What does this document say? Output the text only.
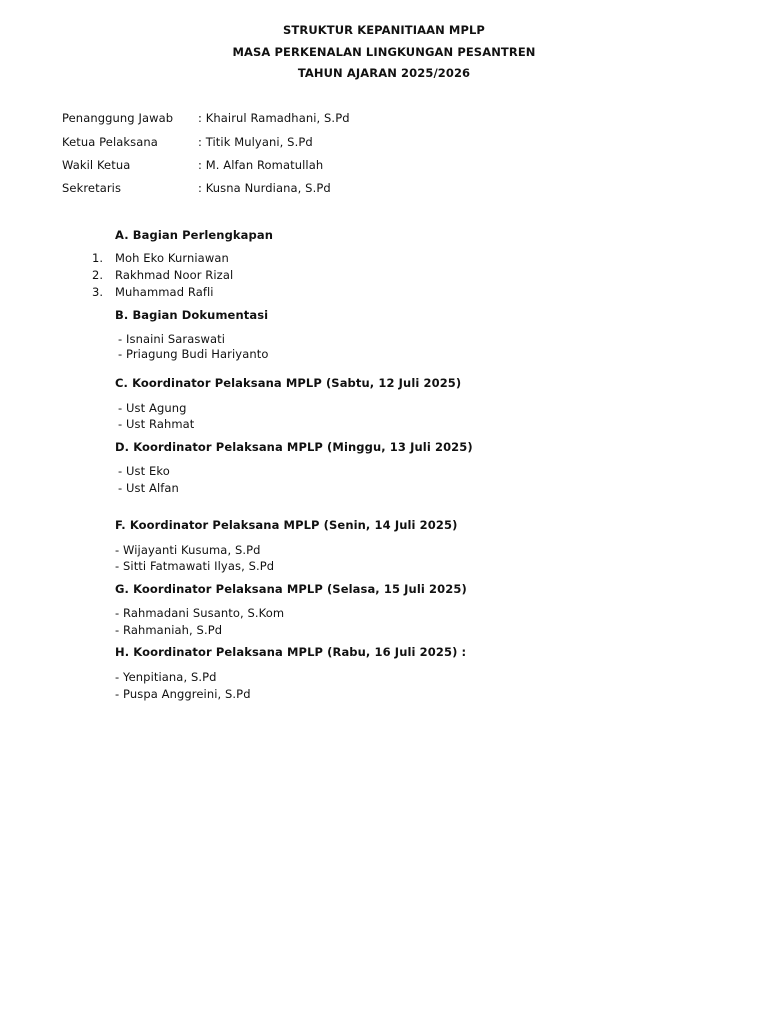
STRUKTUR KEPANITIAAN MPLP
MASA PERKENALAN LINGKUNGAN PESANTREN
TAHUN AJARAN 2025/2026
Penanggung Jawab : Khairul Ramadhani, S.Pd
Ketua Pelaksana	: Titik Mulyani, S.Pd
Wakil Ketua	: M. Alfan Romatullah
Sekretaris	: Kusna Nurdiana, S.Pd
A. Bagian Perlengkapan
1. Moh Eko Kurniawan
2. Rakhmad Noor Rizal
3. Muhammad Rafli
B. Bagian Dokumentasi
- Isnaini Saraswati
- Priagung Budi Hariyanto
C. Koordinator Pelaksana MPLP (Sabtu, 12 Juli 2025)
- Ust Agung
- Ust Rahmat
D. Koordinator Pelaksana MPLP (Minggu, 13 Juli 2025)
- Ust Eko
- Ust Alfan
F. Koordinator Pelaksana MPLP (Senin, 14 Juli 2025)
- Wijayanti Kusuma, S.Pd
- Sitti Fatmawati Ilyas, S.Pd
G. Koordinator Pelaksana MPLP (Selasa, 15 Juli 2025)
- Rahmadani Susanto, S.Kom
- Rahmaniah, S.Pd
H. Koordinator Pelaksana MPLP (Rabu, 16 Juli 2025) :
- Yenpitiana, S.Pd
- Puspa Anggreini, S.Pd
